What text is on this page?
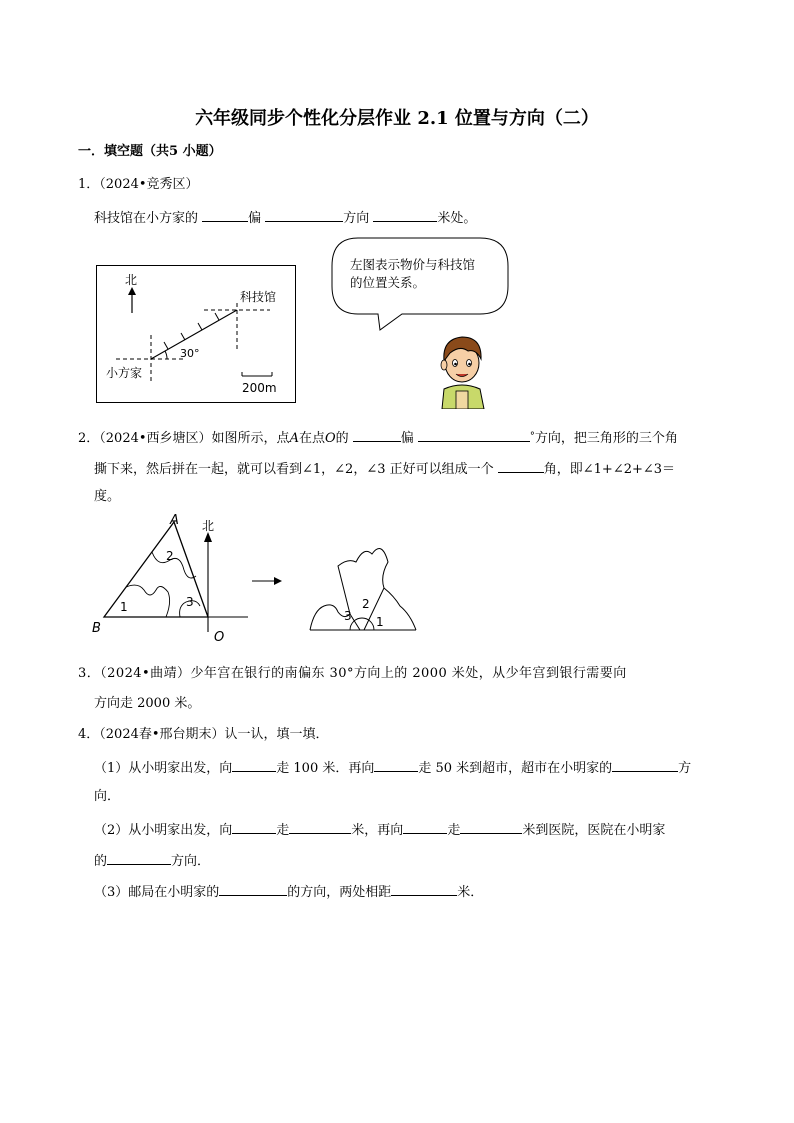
六年级同步个性化分层作业 2.1 位置与方向（二）
一．填空题（共5 小题）
1．（2024•竞秀区）
科技馆在小方家的	偏	方向	米处。
北
科技馆
小方家
30°
200m
左图表示物价与科技馆
的位置关系。
2．（2024•西乡塘区）如图所示，点A在点O的	偏	°方向，把三角形的三个角
撕下来，然后拼在一起，就可以看到∠1，∠2，∠3 正好可以组成一个	角，即∠1+∠2+∠3＝
度。
北
A
B
O
2
1	3
3
2
1
3．（2024•曲靖）少年宫在银行的南偏东 30°方向上的 2000 米处，从少年宫到银行需要向
方向走 2000 米。
4．（2024春•邢台期末）认一认，填一填．
（1）从小明家出发，向	走 100 米．再向	走 50 米到超市，超市在小明家的	方
向．
（2）从小明家出发，向	走	米，再向	走	米到医院，医院在小明家
的	方向．
（3）邮局在小明家的	的方向，两处相距	米．
